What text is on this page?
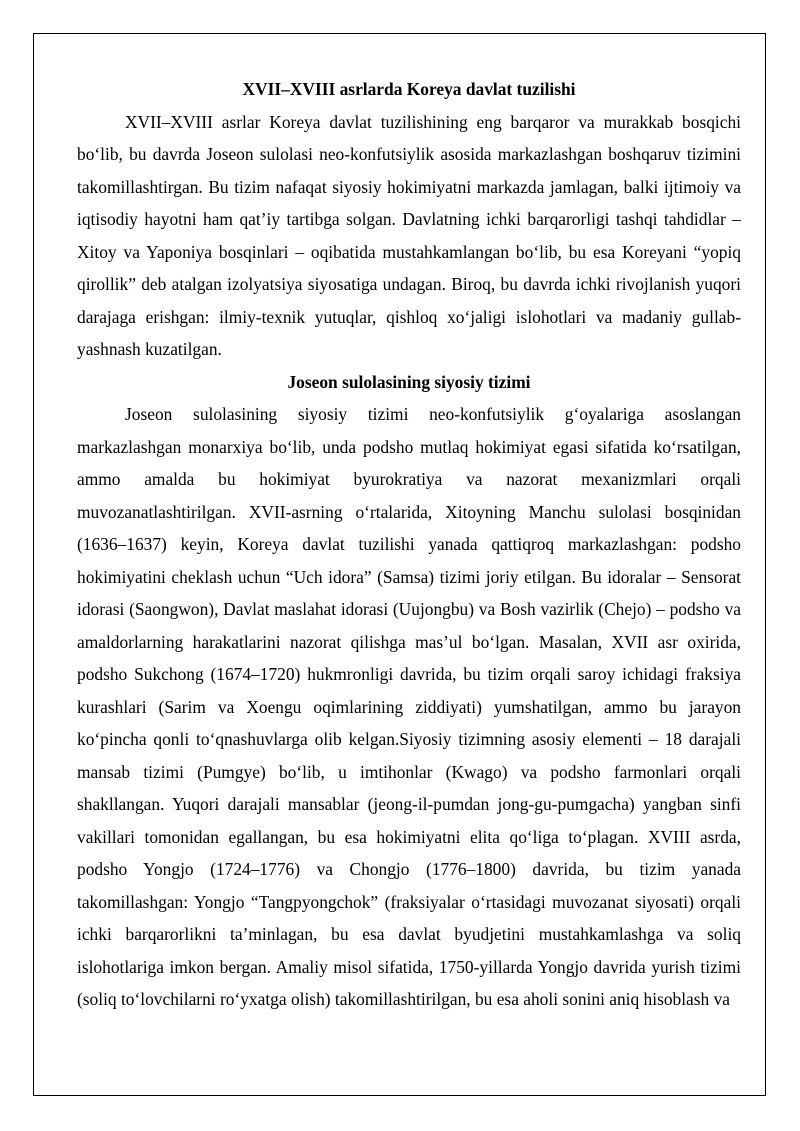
XVII–XVIII asrlarda Koreya davlat tuzilishi

XVII–XVIII asrlar Koreya davlat tuzilishining eng barqaror va murakkab bosqichi bo‘lib, bu davrda Joseon sulolasi neo-konfutsiylik asosida markazlashgan boshqaruv tizimini takomillashtirgan. Bu tizim nafaqat siyosiy hokimiyatni markazda jamlagan, balki ijtimoiy va iqtisodiy hayotni ham qat’iy tartibga solgan. Davlatning ichki barqarorligi tashqi tahdidlar – Xitoy va Yaponiya bosqinlari – oqibatida mustahkamlangan bo‘lib, bu esa Koreyani “yopiq qirollik” deb atalgan izolyatsiya siyosatiga undagan. Biroq, bu davrda ichki rivojlanish yuqori darajaga erishgan: ilmiy-texnik yutuqlar, qishloq xo‘jaligi islohotlari va madaniy gullab-yashnash kuzatilgan.

Joseon sulolasining siyosiy tizimi

Joseon sulolasining siyosiy tizimi neo-konfutsiylik g‘oyalariga asoslangan markazlashgan monarxiya bo‘lib, unda podsho mutlaq hokimiyat egasi sifatida ko‘rsatilgan, ammo amalda bu hokimiyat byurokratiya va nazorat mexanizmlari orqali muvozanatlashtirilgan. XVII-asrning o‘rtalarida, Xitoyning Manchu sulolasi bosqinidan (1636–1637) keyin, Koreya davlat tuzilishi yanada qattiqroq markazlashgan: podsho hokimiyatini cheklash uchun “Uch idora” (Samsa) tizimi joriy etilgan. Bu idoralar – Sensorat idorasi (Saongwon), Davlat maslahat idorasi (Uujongbu) va Bosh vazirlik (Chejo) – podsho va amaldorlarning harakatlarini nazorat qilishga mas’ul bo‘lgan. Masalan, XVII asr oxirida, podsho Sukchong (1674–1720) hukmronligi davrida, bu tizim orqali saroy ichidagi fraksiya kurashlari (Sarim va Xoengu oqimlarining ziddiyati) yumshatilgan, ammo bu jarayon ko‘pincha qonli to‘qnashuvlarga olib kelgan.Siyosiy tizimning asosiy elementi – 18 darajali mansab tizimi (Pumgye) bo‘lib, u imtihonlar (Kwago) va podsho farmonlari orqali shakllangan. Yuqori darajali mansablar (jeong-il-pumdan jong-gu-pumgacha) yangban sinfi vakillari tomonidan egallangan, bu esa hokimiyatni elita qo‘liga to‘plagan. XVIII asrda, podsho Yongjo (1724–1776) va Chongjo (1776–1800) davrida, bu tizim yanada takomillashgan: Yongjo “Tangpyongchok” (fraksiyalar o‘rtasidagi muvozanat siyosati) orqali ichki barqarorlikni ta’minlagan, bu esa davlat byudjetini mustahkamlashga va soliq islohotlariga imkon bergan. Amaliy misol sifatida, 1750-yillarda Yongjo davrida yurish tizimi (soliq to‘lovchilarni ro‘yxatga olish) takomillashtirilgan, bu esa aholi sonini aniq hisoblash va
